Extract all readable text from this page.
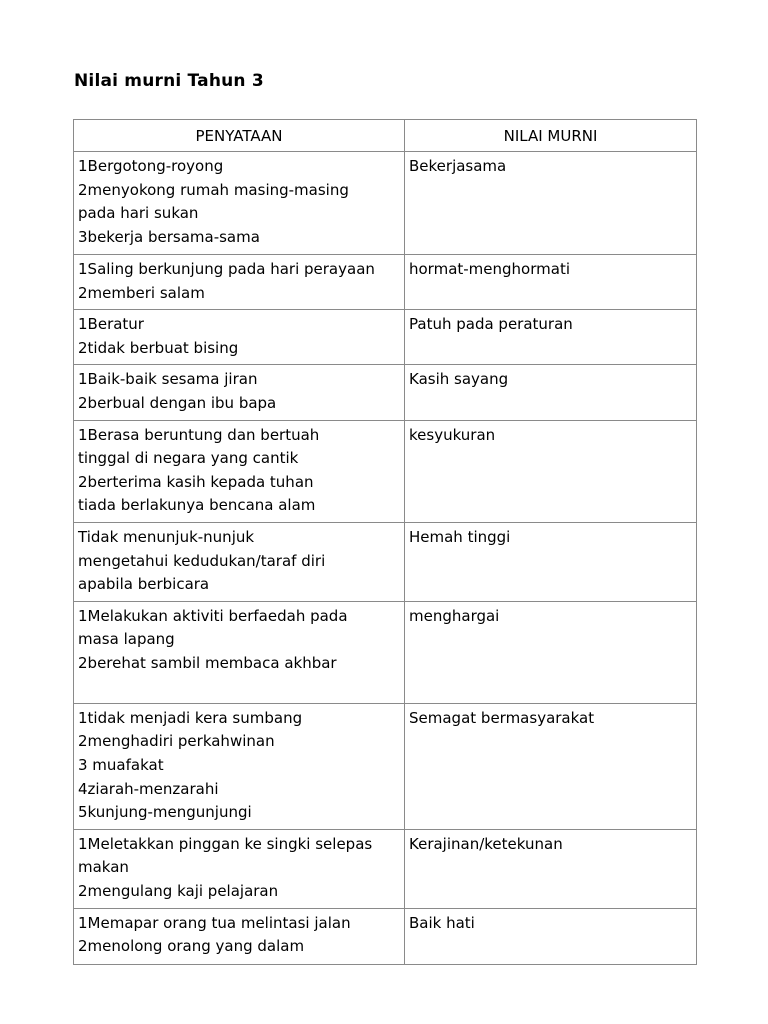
Nilai murni Tahun 3
PENYATAAN	NILAI MURNI

1Bergotong-royong
2menyokong rumah masing-masing
pada hari sukan
3bekerja bersama-sama	Bekerjasama

1Saling berkunjung pada hari perayaan
2memberi salam	hormat-menghormati

1Beratur
2tidak berbuat bising	Patuh pada peraturan

1Baik-baik sesama jiran
2berbual dengan ibu bapa	Kasih sayang

1Berasa beruntung dan bertuah
tinggal di negara yang cantik
2berterima kasih kepada tuhan
tiada berlakunya bencana alam	kesyukuran

Tidak menunjuk-nunjuk
mengetahui kedudukan/taraf diri
apabila berbicara	Hemah tinggi

1Melakukan aktiviti berfaedah pada
masa lapang
2berehat sambil membaca akhbar	menghargai

1tidak menjadi kera sumbang
2menghadiri perkahwinan
3 muafakat
4ziarah-menzarahi
5kunjung-mengunjungi	Semagat bermasyarakat

1Meletakkan pinggan ke singki selepas
makan
2mengulang kaji pelajaran	Kerajinan/ketekunan

1Memapar orang tua melintasi jalan
2menolong orang yang dalam	Baik hati
